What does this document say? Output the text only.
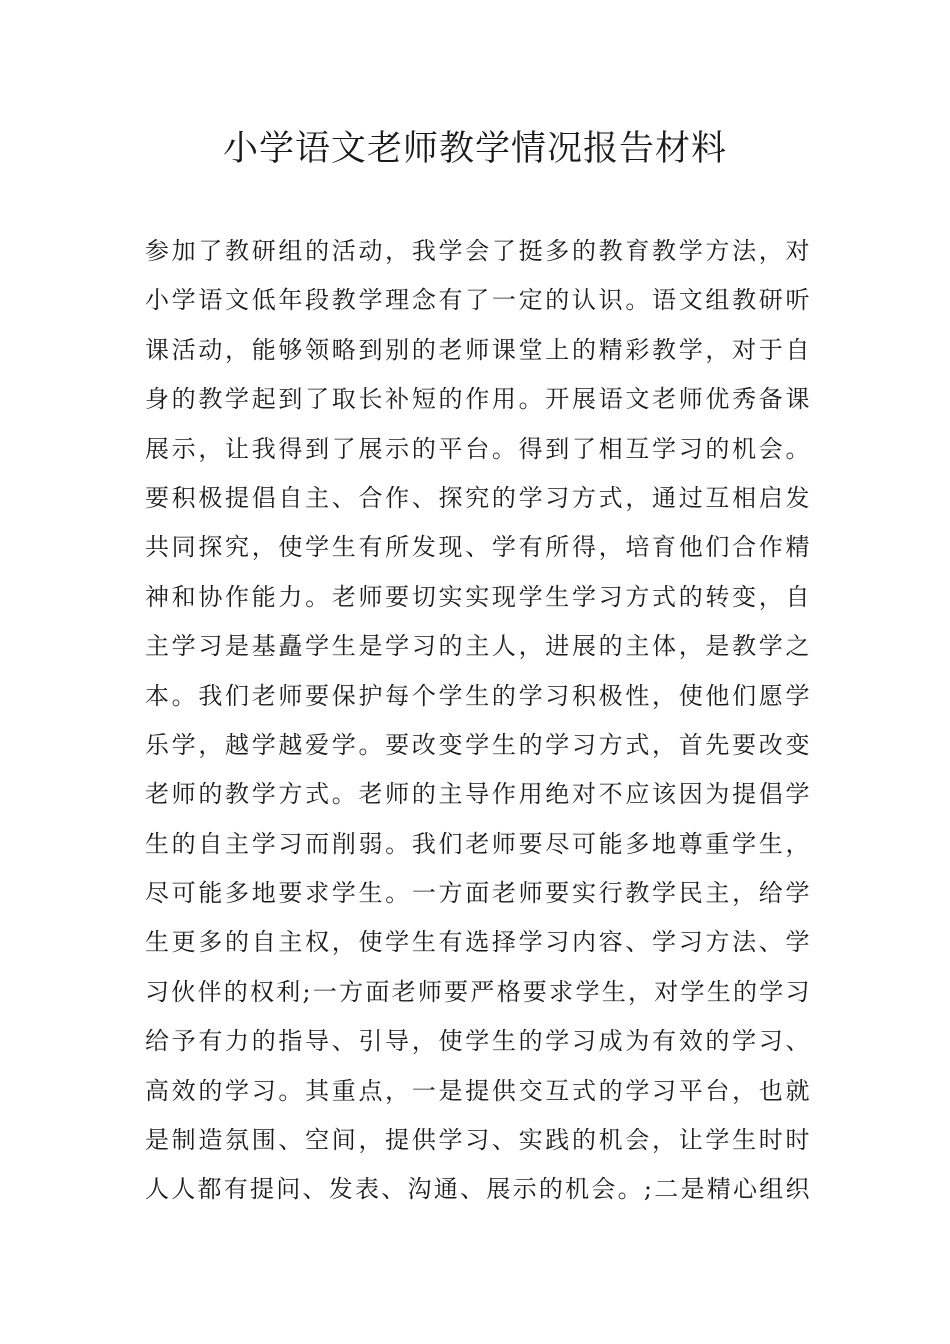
小学语文老师教学情况报告材料
参加了教研组的活动，我学会了挺多的教育教学方法，对
小学语文低年段教学理念有了一定的认识。语文组教研听
课活动，能够领略到别的老师课堂上的精彩教学，对于自
身的教学起到了取长补短的作用。开展语文老师优秀备课
展示，让我得到了展示的平台。得到了相互学习的机会。
要积极提倡自主、合作、探究的学习方式，通过互相启发
共同探究，使学生有所发现、学有所得，培育他们合作精
神和协作能力。老师要切实实现学生学习方式的转变，自
主学习是基矗学生是学习的主人，进展的主体，是教学之
本。我们老师要保护每个学生的学习积极性，使他们愿学
乐学，越学越爱学。要改变学生的学习方式，首先要改变
老师的教学方式。老师的主导作用绝对不应该因为提倡学
生的自主学习而削弱。我们老师要尽可能多地尊重学生，
尽可能多地要求学生。一方面老师要实行教学民主，给学
生更多的自主权，使学生有选择学习内容、学习方法、学
习伙伴的权利;一方面老师要严格要求学生，对学生的学习
给予有力的指导、引导，使学生的学习成为有效的学习、
高效的学习。其重点，一是提供交互式的学习平台，也就
是制造氛围、空间，提供学习、实践的机会，让学生时时
人人都有提问、发表、沟通、展示的机会。;二是精心组织
